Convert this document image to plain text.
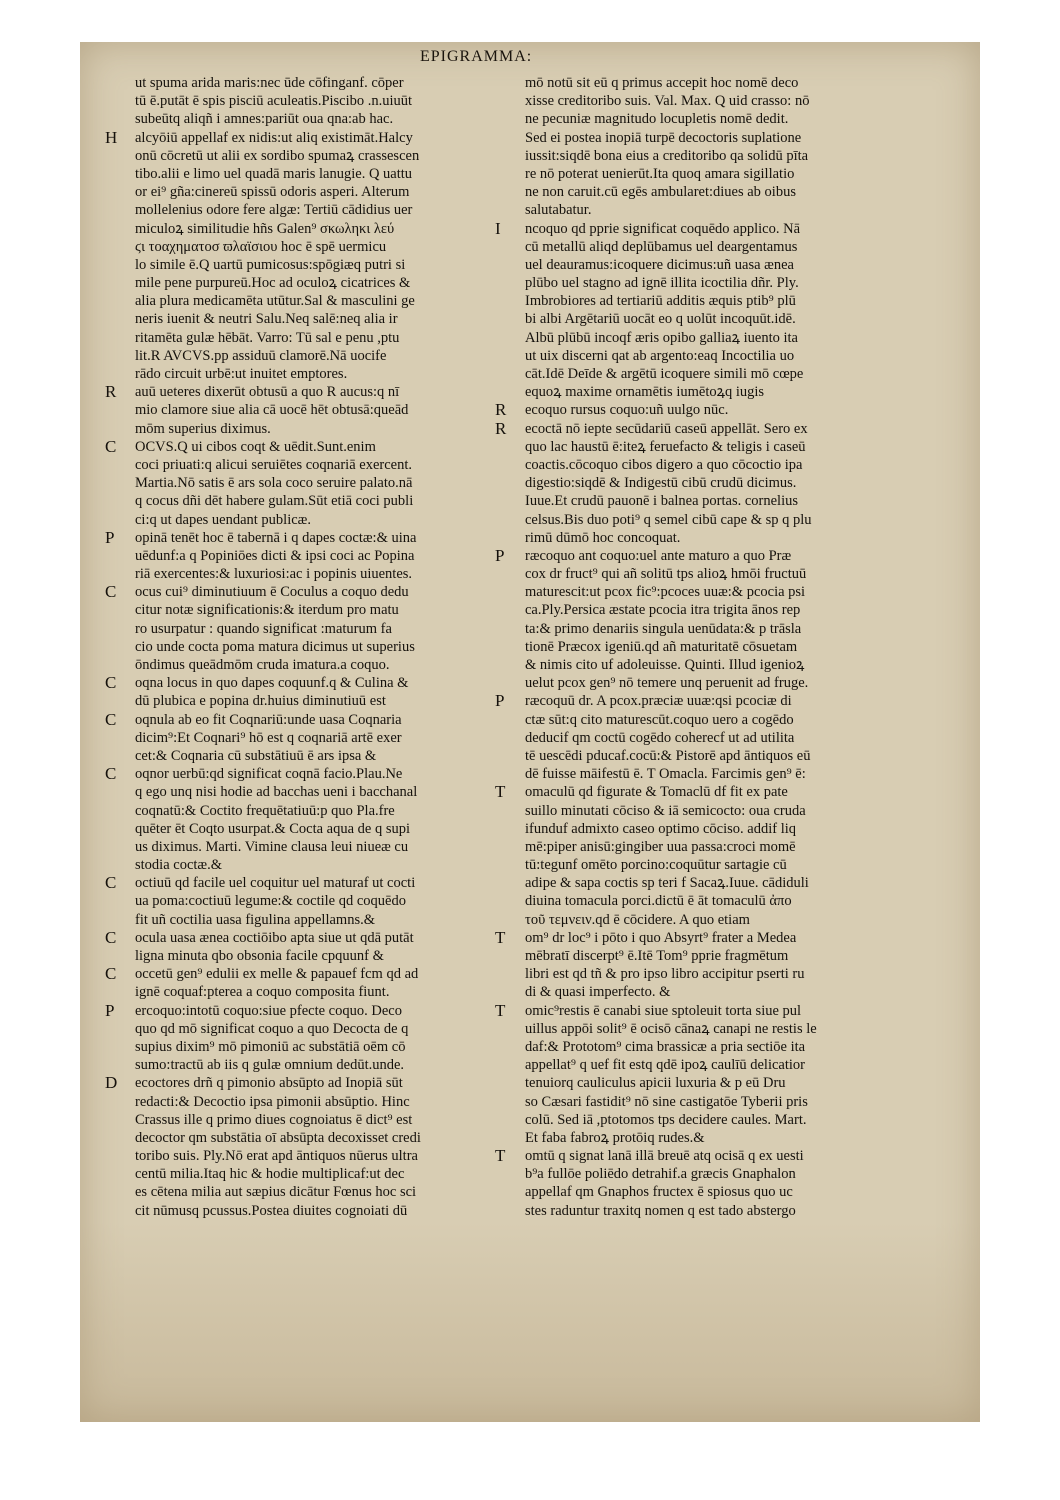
EPIGRAMMA:
ut spuma arida maris:nec ūde cōfinganf. cōper
tū ē.putāt ē spis pisciū aculeatis.Piscibo .n.uiuūt
subeūtq aliqñ i amnes:pariūt oua qna:ab hac.
H	alcyōiū appellaf ex nidis:ut aliq existimāt.Halcy
onū cōcretū ut alii ex sordibo spumaꝝ crassescen
tibo.alii e limo uel quadā maris lanugie. Q uattu
or ei⁹ gña:cinereū spissū odoris asperi. Alterum
mollelenius odore fere algæ: Tertiū cādidius uer
miculoꝝ similitudie hñs Galen⁹ σκωληκι λεύ
ϛι τοαχηματοσ ϖλαϊσιου hoc ē spē uermicu
lo simile ē.Q uartū pumicosus:spōgiæq putri si
mile pene purpureū.Hoc ad oculoꝝ cicatrices &
alia plura medicamēta utūtur.Sal & masculini ge
neris iuenit & neutri Salu.Neq salē:neq alia ir
ritamēta gulæ hēbāt. Varro: Tū sal e penu ,ptu
lit.R AVCVS.pp assiduū clamorē.Nā uocife
rādo circuit urbē:ut inuitet emptores.
R	auū ueteres dixerūt obtusū a quo R aucus:q nī
mio clamore siue alia cā uocē hēt obtusā:queād
mōm superius diximus.
C	OCVS.Q ui cibos coqt & uēdit.Sunt.enim
coci priuati:q alicui seruiētes coqnariā exercent.
Martia.Nō satis ē ars sola coco seruire palato.nā
q cocus dñi dēt habere gulam.Sūt etiā coci publi
ci:q ut dapes uendant publicæ.
P	opinā tenēt hoc ē tabernā i q dapes coctæ:& uina
uēdunf:a q Popiniōes dicti & ipsi coci ac Popina
riā exercentes:& luxuriosi:ac i popinis uiuentes.
C	ocus cui⁹ diminutiuum ē Coculus a coquo dedu
citur notæ significationis:& iterdum pro matu
ro usurpatur : quando significat :maturum fa
cio unde cocta poma matura dicimus ut superius
ōndimus queādmōm cruda imatura.a coquo.
C	oqna locus in quo dapes coquunf.q & Culina &
dū plubica e popina dr.huius diminutiuū est
C	oqnula ab eo fit Coqnariū:unde uasa Coqnaria
dicim⁹:Et Coqnari⁹ hō est q coqnariā artē exer
cet:& Coqnaria cū substātiuū ē ars ipsa &
C	oqnor uerbū:qd significat coqnā facio.Plau.Ne
q ego unq nisi hodie ad bacchas ueni i bacchanal
coqnatū:& Coctito frequētatiuū:p quo Pla.fre
quēter ēt Coqto usurpat.& Cocta aqua de q supi
us diximus. Marti. Vimine clausa leui niueæ cu
stodia coctæ.&
C	octiuū qd facile uel coquitur uel maturaf ut cocti
ua poma:coctiuū legume:& coctile qd coquēdo
fit uñ coctilia uasa figulina appellamns.&
C	ocula uasa ænea coctiōibo apta siue ut qdā putāt
ligna minuta qbo obsonia facile cpquunf &
C	occetū gen⁹ edulii ex melle & papauef fcm qd ad
ignē coquaf:pterea a coquo composita fiunt.
P	ercoquo:intotū coquo:siue pfecte coquo. Deco
quo qd mō significat coquo a quo Decocta de q
supius dixim⁹ mō pimoniū ac substātiā oēm cō
sumo:tractū ab iis q gulæ omnium dedūt.unde.
D	ecoctores drñ q pimonio absūpto ad Inopiā sūt
redacti:& Decoctio ipsa pimonii absūptio. Hinc
Crassus ille q primo diues cognoiatus ē dict⁹ est
decoctor qm substātia oī absūpta decoxisset credi
toribo suis. Ply.Nō erat apd āntiquos nūerus ultra
centū milia.Itaq hic & hodie multiplicaf:ut dec
es cētena milia aut sæpius dicātur Fœnus hoc sci
cit nūmusq pcussus.Postea diuites cognoiati dū
mō notū sit eū q primus accepit hoc nomē deco
xisse creditoribo suis. Val. Max. Q uid crasso: nō
ne pecuniæ magnitudo locupletis nomē dedit.
Sed ei postea inopiā turpē decoctoris suplatione
iussit:siqdē bona eius a creditoribo qa solidū pīta
re nō poterat uenierūt.Ita quoq amara sigillatio
ne non caruit.cū egēs ambularet:diues ab oibus
salutabatur.
I	ncoquo qd pprie significat coquēdo applico. Nā
cū metallū aliqd deplūbamus uel deargentamus
uel deauramus:icoquere dicimus:uñ uasa ænea
plūbo uel stagno ad ignē illita icoctilia dñr. Ply.
Imbrobiores ad tertiariū additis æquis ptib⁹ plū
bi albi Argētariū uocāt eo q uolūt incoquūt.idē.
Albū plūbū incoqf æris opibo galliaꝝ iuento ita
ut uix discerni qat ab argento:eaq Incoctilia uo
cāt.Idē Deīde & argētū icoquere simili mō cœpe
equoꝝ maxime ornamētis iumētoꝝq iugis
R	ecoquo rursus coquo:uñ uulgo nūc.
R	ecoctā nō iepte secūdariū caseū appellāt. Sero ex
quo lac haustū ē:iteꝝ feruefacto & teligis i caseū
coactis.cōcoquo cibos digero a quo cōcoctio ipa
digestio:siqdē & Indigestū cibū crudū dicimus.
Iuue.Et crudū pauonē i balnea portas. cornelius
celsus.Bis duo poti⁹ q semel cibū cape & sp q plu
rimū dūmō hoc concoquat.
P	ræcoquo ant coquo:uel ante maturo a quo Præ
cox dr fruct⁹ qui añ solitū tps alioꝝ hmōi fructuū
maturescit:ut pcox fic⁹:pcoces uuæ:& pcocia psi
ca.Ply.Persica æstate pcocia itra trigita ānos rep
ta:& primo denariis singula uenūdata:& p trāsla
tionē Præcox igeniū.qd añ maturitatē cōsuetam
& nimis cito uf adoleuisse. Quinti. Illud igenioꝝ
uelut pcox gen⁹ nō temere unq peruenit ad fruge.
P	ræcoquū dr. A pcox.præciæ uuæ:qsi pcociæ di
ctæ sūt:q cito maturescūt.coquo uero a cogēdo
deducif qm coctū cogēdo coherecf ut ad utilita
tē uescēdi pducaf.cocū:& Pistorē apd āntiquos eū
dē fuisse māifestū ē. T Omacla. Farcimis gen⁹ ē:
T	omaculū qd figurate & Tomaclū df fit ex pate
suillo minutati cōciso & iā semicocto: oua cruda
ifunduf admixto caseo optimo cōciso. addif liq
mē:piper anisū:gingiber uua passa:croci momē
tū:tegunf omēto porcino:coquūtur sartagie cū
adipe & sapa coctis sp teri f Sacaꝝ.Iuue. cādiduli
diuina tomacula porci.dictū ē āt tomaculū ἀπο
τοῦ τεμνειν.qd ē cōcidere. A quo etiam
T	om⁹ dr loc⁹ i pōto i quo Absyrt⁹ frater a Medea
mēbratī discerpt⁹ ē.Itē Tom⁹ pprie fragmētum
libri est qd tñ & pro ipso libro accipitur pserti ru
di & quasi imperfecto. &
T	omic⁹restis ē canabi siue sptoleuit torta siue pul
uillus appōi solit⁹ ē ocisō cānaꝝ canapi ne restis le
daf:& Prototom⁹ cima brassicæ a pria sectiōe ita
appellat⁹ q uef fit estq qdē ipoꝝ caulīū delicatior
tenuiorq cauliculus apicii luxuria & p eū Dru
so Cæsari fastidit⁹ nō sine castigatōe Tyberii pris
colū. Sed iā ,ptotomos tps decidere caules. Mart.
Et faba fabroꝝ protōiq rudes.&
T	omtū q signat lanā illā breuē atq ocisā q ex uesti
b⁹a fullōe poliēdo detrahif.a græcis Gnaphalon
appellaf qm Gnaphos fructex ē spiosus quo uc
stes raduntur traxitq nomen q est tado abstergo
